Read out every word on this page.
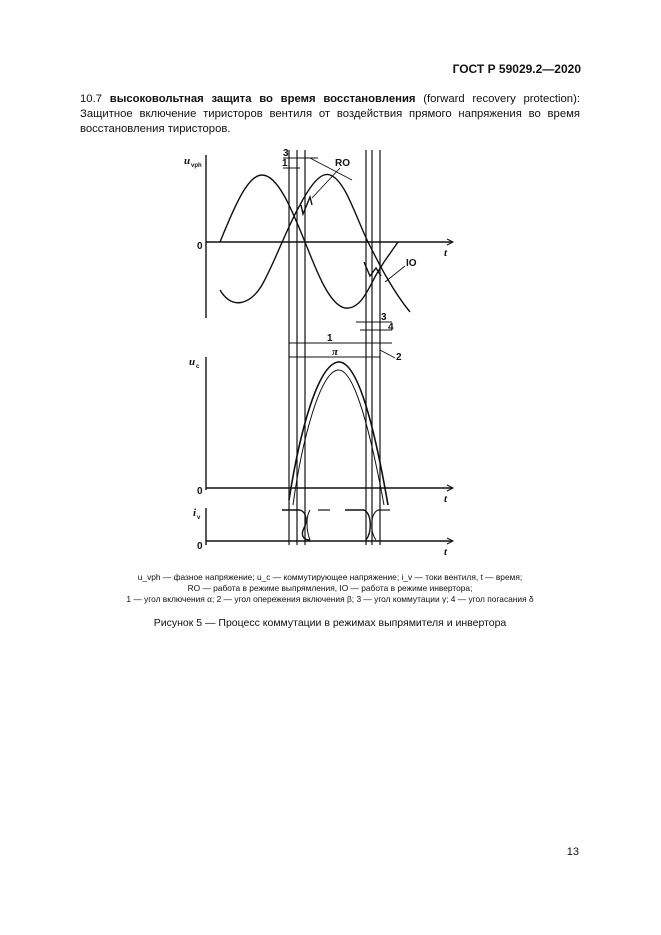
ГОСТ Р 59029.2—2020
10.7 высоковольтная защита во время восстановления (forward recovery protection): Защитное включение тиристоров вентиля от воздействия прямого напряжения во время восстановления тиристоров.
u vph
0
t
RO
IO
3
1
3
4
1
π	2
u c
0
t
i v
0	t
u_vph — фазное напряжение; u_c — коммутирующее напряжение; i_v — токи вентиля, t — время;
RO — работа в режиме выпрямления, IO — работа в режиме инвертора;
1 — угол включения α; 2 — угол опережения включения β; 3 — угол коммутации γ; 4 — угол погасания δ
Рисунок 5 — Процесс коммутации в режимах выпрямителя и инвертора
13
